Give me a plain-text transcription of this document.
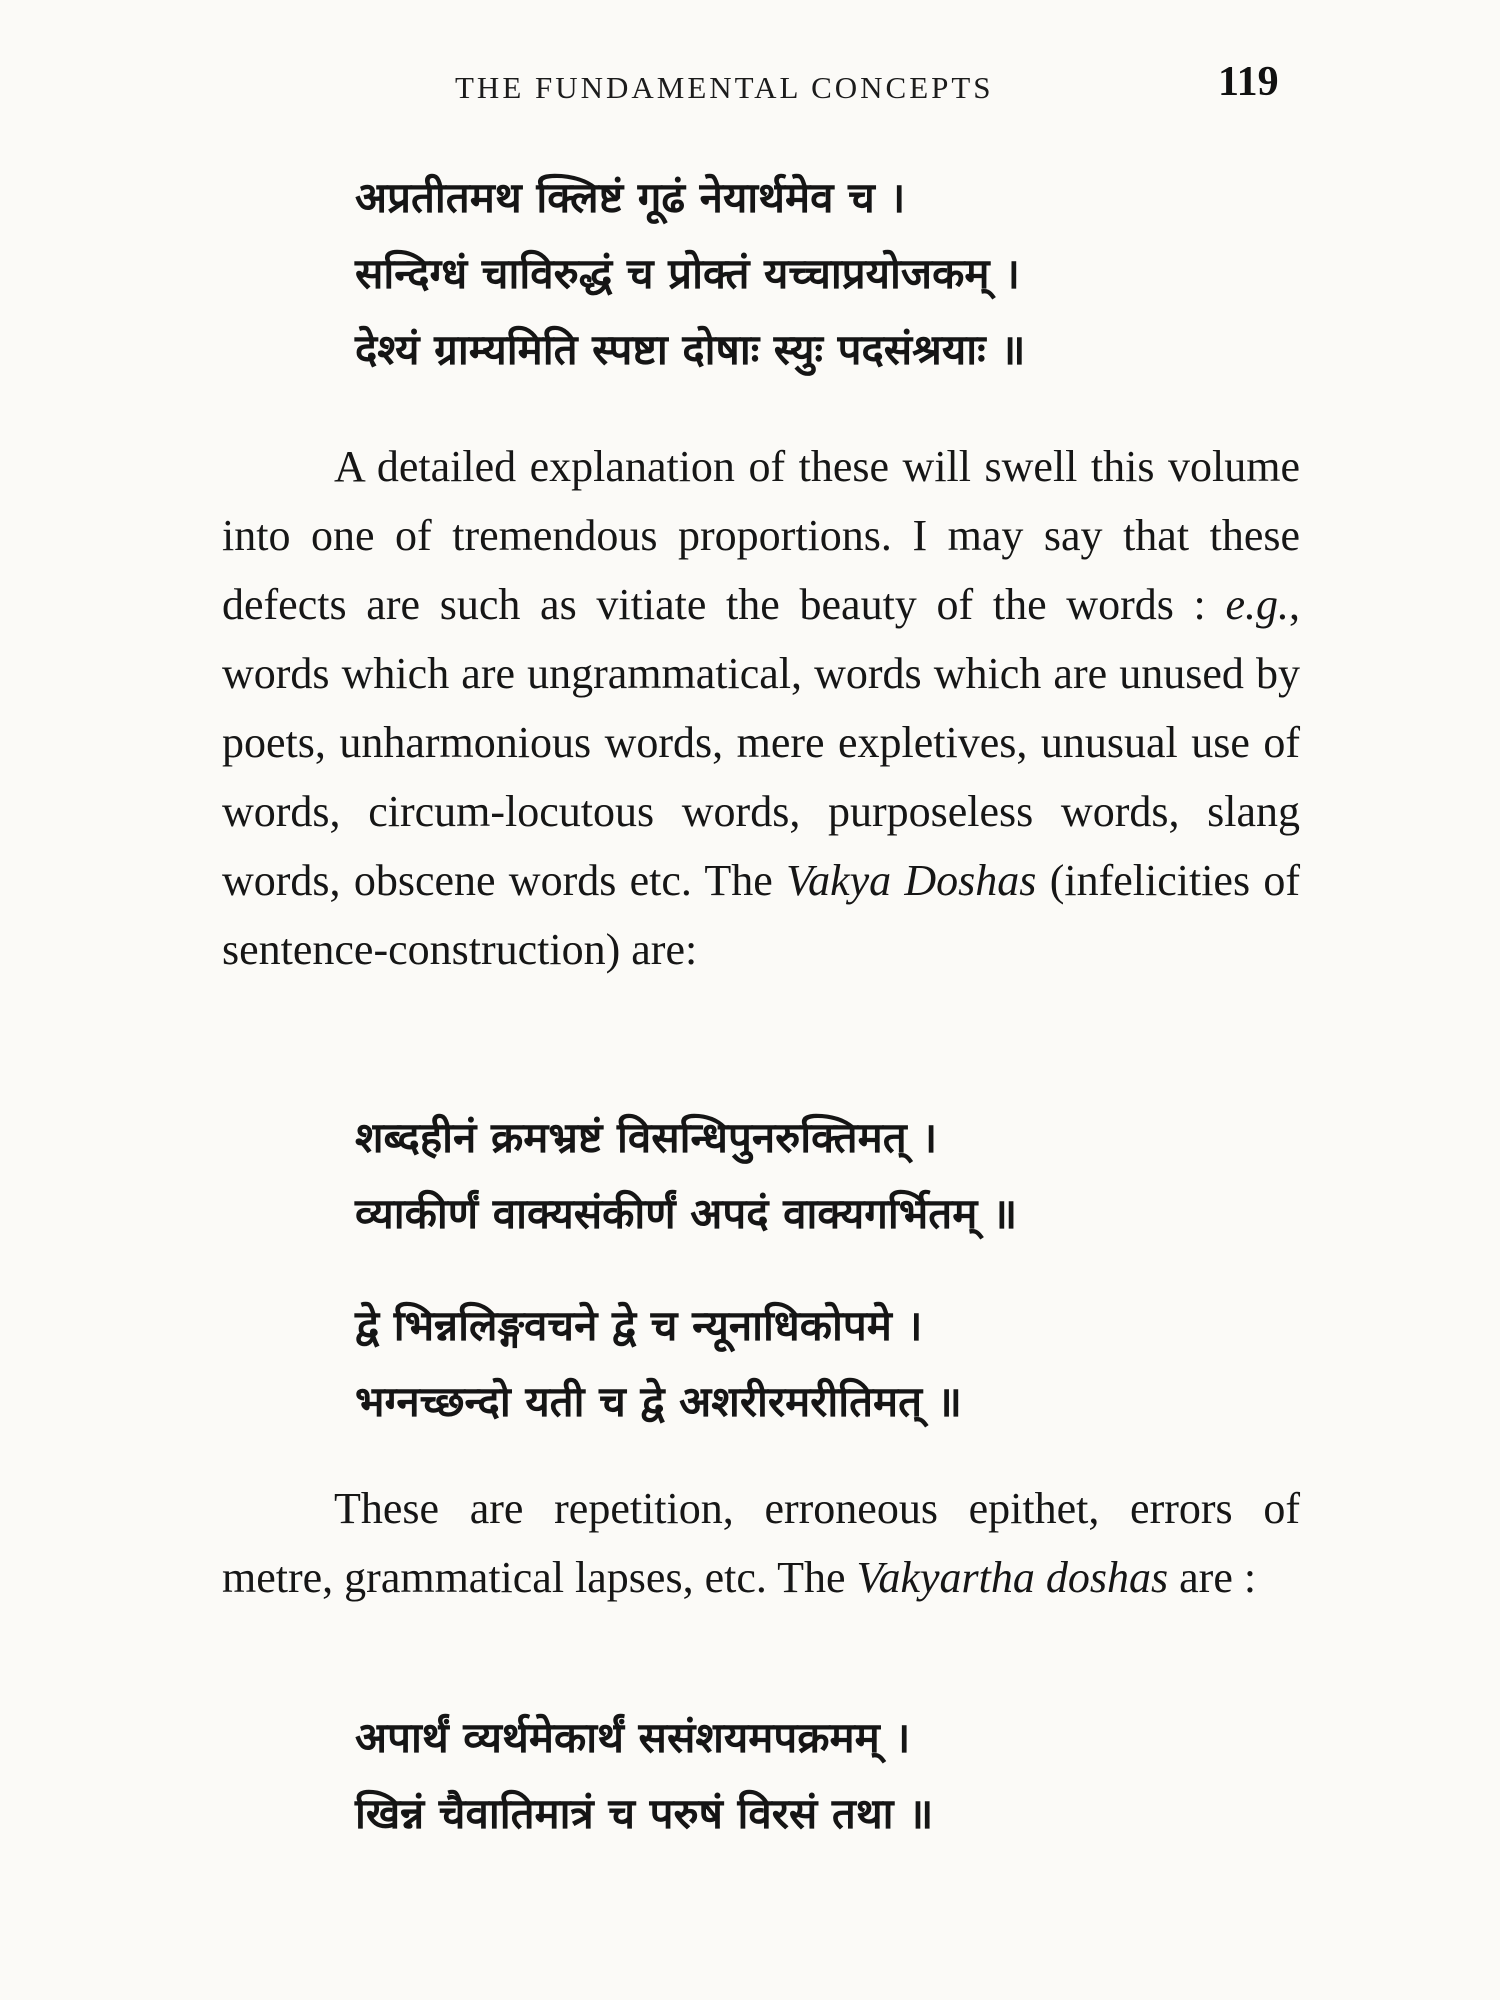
THE FUNDAMENTAL CONCEPTS	119
अप्रतीतमथ क्लिष्टं गूढं नेयार्थमेव च ।
सन्दिग्धं चाविरुद्धं च प्रोक्तं यच्चाप्रयोजकम् ।
देश्यं ग्राम्यमिति स्पष्टा दोषाः स्युः पदसंश्रयाः ॥

A detailed explanation of these will swell this volume into one of tremendous proportions. I may say that these defects are such as vitiate the beauty of the words : e.g., words which are ungrammatical, words which are unused by poets, unharmonious words, mere expletives, unusual use of words, circum-locutous words, purposeless words, slang words, obscene words etc. The Vakya Doshas (infelicities of sentence-construction) are:

शब्दहीनं क्रमभ्रष्टं विसन्धिपुनरुक्तिमत् ।
व्याकीर्णं वाक्यसंकीर्णं अपदं वाक्यगर्भितम् ॥
द्वे भिन्नलिङ्गवचने द्वे च न्यूनाधिकोपमे ।
भग्नच्छन्दो यती च द्वे अशरीरमरीतिमत् ॥

These are repetition, erroneous epithet, errors of metre, grammatical lapses, etc. The Vakyartha doshas are :

अपार्थं व्यर्थमेकार्थं ससंशयमपक्रमम् ।
खिन्नं चैवातिमात्रं च परुषं विरसं तथा ॥
